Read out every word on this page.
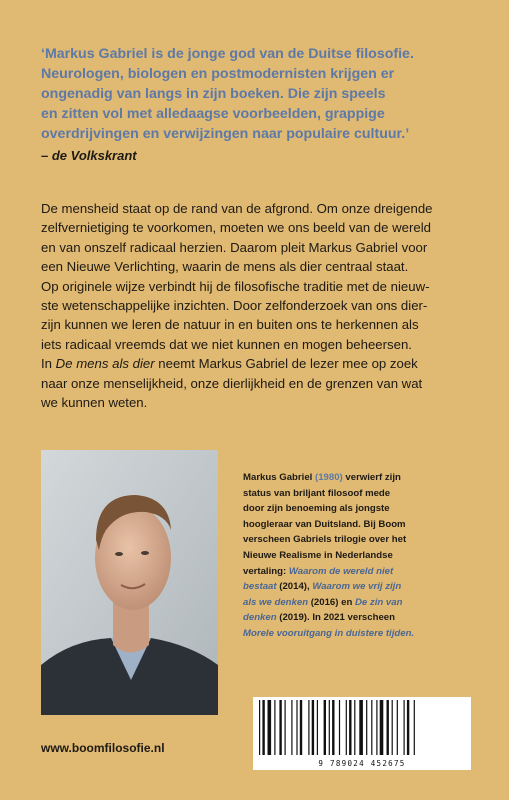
‘Markus Gabriel is de jonge god van de Duitse filosofie.

Neurologen, biologen en postmodernisten krijgen er

ongenadig van langs in zijn boeken. Die zijn speels

en zitten vol met alledaagse voorbeelden, grappige

overdrijvingen en verwijzingen naar populaire cultuur.’

– de Volkskrant

De mensheid staat op de rand van de afgrond. Om onze dreigende

zelfvernietiging te voorkomen, moeten we ons beeld van de wereld

en van onszelf radicaal herzien. Daarom pleit Markus Gabriel voor

een Nieuwe Verlichting, waarin de mens als dier centraal staat.

Op originele wijze verbindt hij de filosofische traditie met de nieuw-

ste wetenschappelijke inzichten. Door zelfonderzoek van ons dier-

zijn kunnen we leren de natuur in en buiten ons te herkennen als

iets radicaal vreemds dat we niet kunnen en mogen beheersen.

In De mens als dier neemt Markus Gabriel de lezer mee op zoek

naar onze menselijkheid, onze dierlijkheid en de grenzen van wat

we kunnen weten.

Markus Gabriel (1980) verwierf zijn

status van briljant filosoof mede

door zijn benoeming als jongste

hoogleraar van Duitsland. Bij Boom

verscheen Gabriels trilogie over het

Nieuwe Realisme in Nederlandse

vertaling: Waarom de wereld niet

bestaat (2014), Waarom we vrij zijn

als we denken (2016) en De zin van

denken (2019). In 2021 verscheen

Morele vooruitgang in duistere tijden.

9 789024 452675
www.boomfilosofie.nl
